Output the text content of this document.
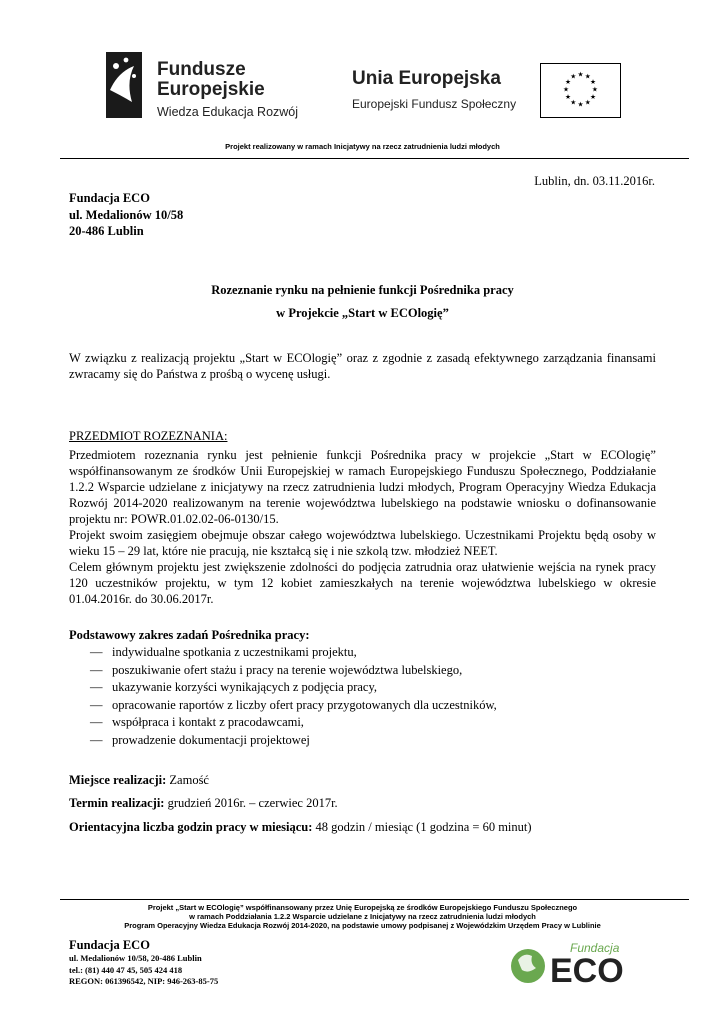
Fundusze
Europejskie
Wiedza Edukacja Rozwój
Unia Europejska
Europejski Fundusz Społeczny
★ ★
★
★
★
★
★
★
★
★
★
★
Projekt realizowany w ramach Inicjatywy na rzecz zatrudnienia ludzi młodych
Lublin, dn. 03.11.2016r.
Fundacja ECO
ul. Medalionów 10/58
20-486 Lublin
Rozeznanie rynku na pełnienie funkcji Pośrednika pracy
w Projekcie „Start w ECOlogię”
W związku z realizacją projektu „Start w ECOlogię” oraz z zgodnie z zasadą efektywnego zarządzania finansami zwracamy się do Państwa z prośbą o wycenę usługi.
PRZEDMIOT ROZEZNANIA:
Przedmiotem rozeznania rynku jest pełnienie funkcji Pośrednika pracy w projekcie „Start w ECOlogię” współfinansowanym ze środków Unii Europejskiej w ramach Europejskiego Funduszu Społecznego, Poddziałanie 1.2.2 Wsparcie udzielane z inicjatywy na rzecz zatrudnienia ludzi młodych, Program Operacyjny Wiedza Edukacja Rozwój 2014-2020 realizowanym na terenie województwa lubelskiego na podstawie wniosku o dofinansowanie projektu nr: POWR.01.02.02-06-0130/15.
Projekt swoim zasięgiem obejmuje obszar całego województwa lubelskiego. Uczestnikami Projektu będą osoby w wieku 15 – 29 lat, które nie pracują, nie kształcą się i nie szkolą tzw. młodzież NEET.
Celem głównym projektu jest zwiększenie zdolności do podjęcia zatrudnia oraz ułatwienie wejścia na rynek pracy 120 uczestników projektu, w tym 12 kobiet zamieszkałych na terenie województwa lubelskiego w okresie 01.04.2016r. do 30.06.2017r.
Podstawowy zakres zadań Pośrednika pracy:
— indywidualne spotkania z uczestnikami projektu,
— poszukiwanie ofert stażu i pracy na terenie województwa lubelskiego,
— ukazywanie korzyści wynikających z podjęcia pracy,
— opracowanie raportów z liczby ofert pracy przygotowanych dla uczestników,
— współpraca i kontakt z pracodawcami,
— prowadzenie dokumentacji projektowej
Miejsce realizacji: Zamość
Termin realizacji: grudzień 2016r. – czerwiec 2017r.
Orientacyjna liczba godzin pracy w miesiącu: 48 godzin / miesiąc (1 godzina = 60 minut)
Projekt „Start w ECOlogię” współfinansowany przez Unię Europejską ze środków Europejskiego Funduszu Społecznego
w ramach Poddziałania 1.2.2 Wsparcie udzielane z Inicjatywy na rzecz zatrudnienia ludzi młodych
Program Operacyjny Wiedza Edukacja Rozwój 2014-2020, na podstawie umowy podpisanej z Wojewódzkim Urzędem Pracy w Lublinie
Fundacja ECO
ul. Medalionów 10/58, 20-486 Lublin
tel.: (81) 440 47 45, 505 424 418
REGON: 061396542, NIP: 946-263-85-75
Fundacja
ECO
